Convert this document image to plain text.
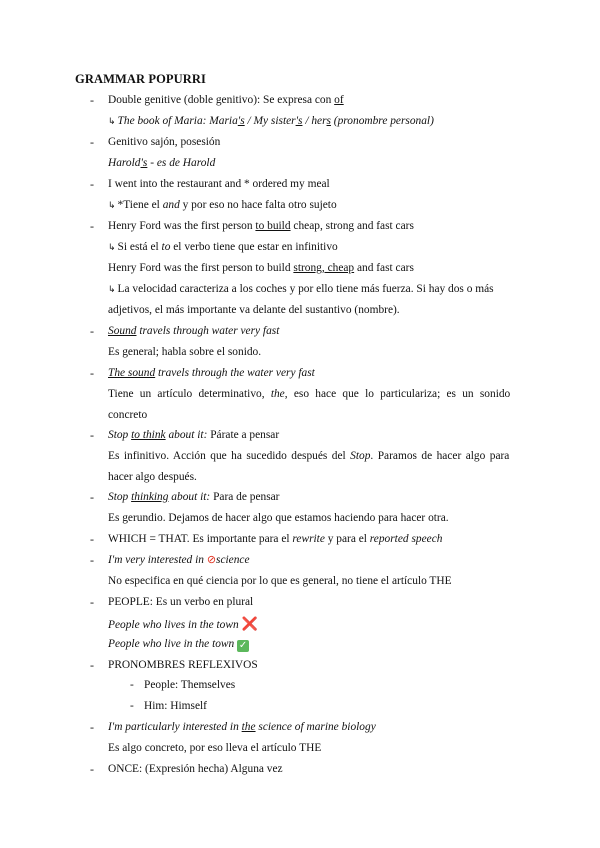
GRAMMAR POPURRI
-	Double genitive (doble genitivo): Se expresa con of
↳ The book of Maria: Maria's / My sister's / hers (pronombre personal)
-	Genitivo sajón, posesión
Harold's - es de Harold
-	I went into the restaurant and * ordered my meal
↳ *Tiene el and y por eso no hace falta otro sujeto
-	Henry Ford was the first person to build cheap, strong and fast cars
↳ Si está el to el verbo tiene que estar en infinitivo
Henry Ford was the first person to build strong, cheap and fast cars
↳ La velocidad caracteriza a los coches y por ello tiene más fuerza. Si hay dos o más
adjetivos, el más importante va delante del sustantivo (nombre).
-	Sound travels through water very fast
Es general; habla sobre el sonido.
-	The sound travels through the water very fast
Tiene un artículo determinativo, the, eso hace que lo particulariza; es un sonido
concreto
-	Stop to think about it: Párate a pensar
Es infinitivo. Acción que ha sucedido después del Stop. Paramos de hacer algo para
hacer algo después.
-	Stop thinking about it: Para de pensar
Es gerundio. Dejamos de hacer algo que estamos haciendo para hacer otra.
-	WHICH = THAT. Es importante para el rewrite y para el reported speech
-	I'm very interested in ⊘science
No especifica en qué ciencia por lo que es general, no tiene el artículo THE
-	PEOPLE: Es un verbo en plural
People who lives in the town ❌
People who live in the town ✓
-	PRONOMBRES REFLEXIVOS
- People: Themselves
- Him: Himself
-	I'm particularly interested in the science of marine biology
Es algo concreto, por eso lleva el artículo THE
-	ONCE: (Expresión hecha) Alguna vez
